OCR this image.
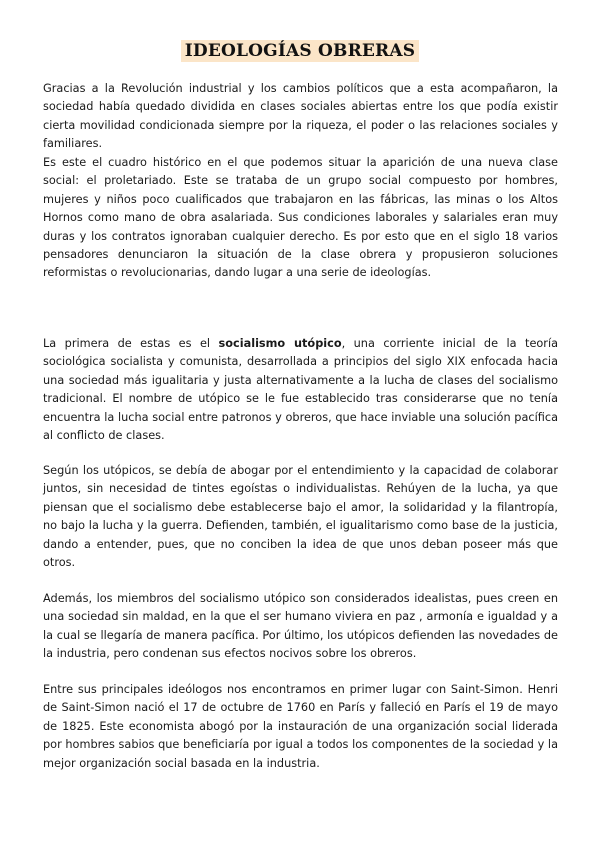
IDEOLOGÍAS OBRERAS

Gracias a la Revolución industrial y los cambios políticos que a esta acompañaron, la sociedad había quedado dividida en clases sociales abiertas entre los que podía existir cierta movilidad condicionada siempre por la riqueza, el poder o las relaciones sociales y familiares.

Es este el cuadro histórico en el que podemos situar la aparición de una nueva clase social: el proletariado. Este se trataba de un grupo social compuesto por hombres, mujeres y niños poco cualificados que trabajaron en las fábricas, las minas o los Altos Hornos como mano de obra asalariada. Sus condiciones laborales y salariales eran muy duras y los contratos ignoraban cualquier derecho. Es por esto que en el siglo 18 varios pensadores denunciaron la situación de la clase obrera y propusieron soluciones reformistas o revolucionarias, dando lugar a una serie de ideologías.

La primera de estas es el socialismo utópico, una corriente inicial de la teoría sociológica socialista y comunista, desarrollada a principios del siglo XIX enfocada hacia una sociedad más igualitaria y justa alternativamente a la lucha de clases del socialismo tradicional. El nombre de utópico se le fue establecido tras considerarse que no tenía encuentra la lucha social entre patronos y obreros, que hace inviable una solución pacífica al conflicto de clases.

Según los utópicos, se debía de abogar por el entendimiento y la capacidad de colaborar juntos, sin necesidad de tintes egoístas o individualistas. Rehúyen de la lucha, ya que piensan que el socialismo debe establecerse bajo el amor, la solidaridad y la filantropía, no bajo la lucha y la guerra. Defienden, también, el igualitarismo como base de la justicia, dando a entender, pues, que no conciben la idea de que unos deban poseer más que otros.

Además, los miembros del socialismo utópico son considerados idealistas, pues creen en una sociedad sin maldad, en la que el ser humano viviera en paz , armonía e igualdad y a la cual se llegaría de manera pacífica. Por último, los utópicos defienden las novedades de la industria, pero condenan sus efectos nocivos sobre los obreros.

Entre sus principales ideólogos nos encontramos en primer lugar con Saint-Simon. Henri de Saint-Simon nació el 17 de octubre de 1760 en París y falleció en París el 19 de mayo de 1825. Este economista abogó por la instauración de una organización social liderada por hombres sabios que beneficiaría por igual a todos los componentes de la sociedad y la mejor organización social basada en la industria.
